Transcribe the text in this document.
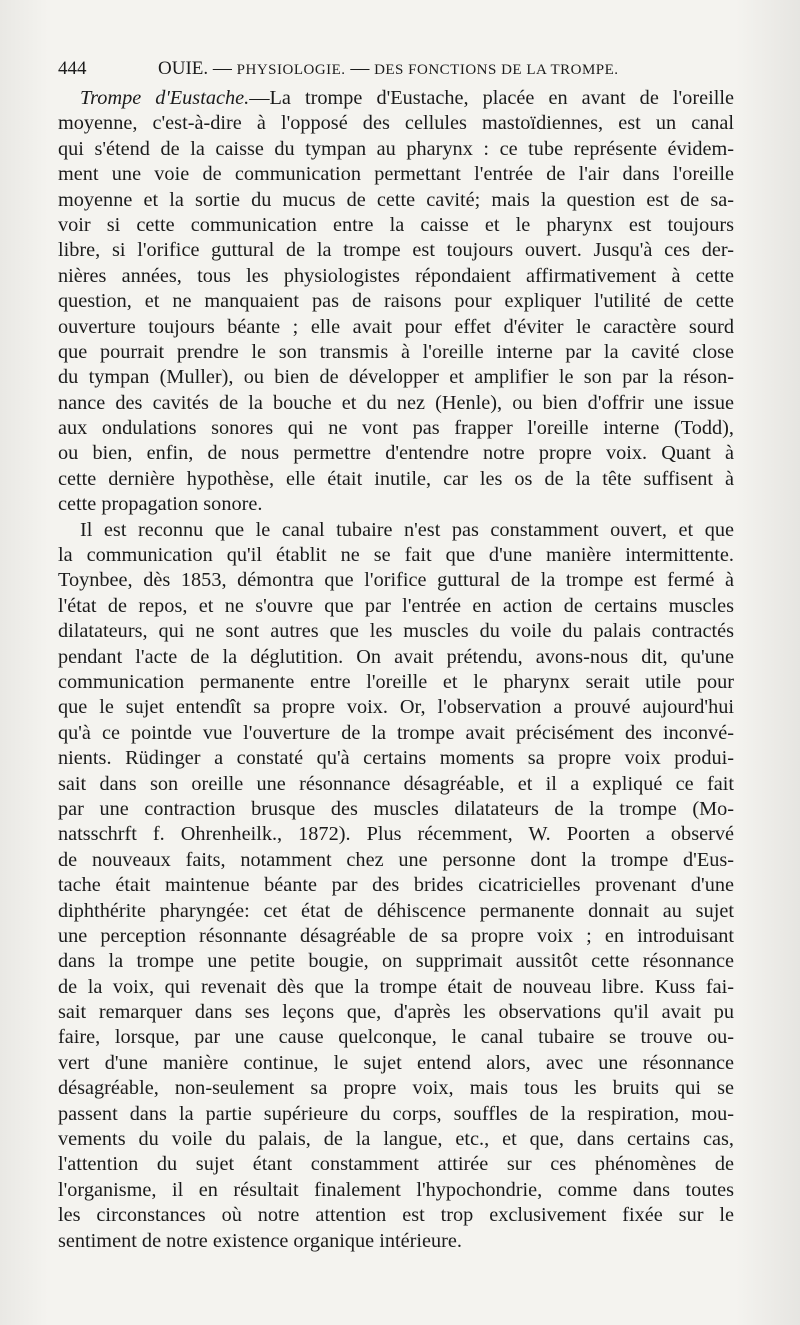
444	OUIE. — PHYSIOLOGIE. — DES FONCTIONS DE LA TROMPE.
Trompe d'Eustache.—La trompe d'Eustache, placée en avant de l'oreille
moyenne, c'est-à-dire à l'opposé des cellules mastoïdiennes, est un canal
qui s'étend de la caisse du tympan au pharynx : ce tube représente évidem-
ment une voie de communication permettant l'entrée de l'air dans l'oreille
moyenne et la sortie du mucus de cette cavité; mais la question est de sa-
voir si cette communication entre la caisse et le pharynx est toujours
libre, si l'orifice guttural de la trompe est toujours ouvert. Jusqu'à ces der-
nières années, tous les physiologistes répondaient affirmativement à cette
question, et ne manquaient pas de raisons pour expliquer l'utilité de cette
ouverture toujours béante ; elle avait pour effet d'éviter le caractère sourd
que pourrait prendre le son transmis à l'oreille interne par la cavité close
du tympan (Muller), ou bien de développer et amplifier le son par la réson-
nance des cavités de la bouche et du nez (Henle), ou bien d'offrir une issue
aux ondulations sonores qui ne vont pas frapper l'oreille interne (Todd),
ou bien, enfin, de nous permettre d'entendre notre propre voix. Quant à
cette dernière hypothèse, elle était inutile, car les os de la tête suffisent à
cette propagation sonore.
Il est reconnu que le canal tubaire n'est pas constamment ouvert, et que
la communication qu'il établit ne se fait que d'une manière intermittente.
Toynbee, dès 1853, démontra que l'orifice guttural de la trompe est fermé à
l'état de repos, et ne s'ouvre que par l'entrée en action de certains muscles
dilatateurs, qui ne sont autres que les muscles du voile du palais contractés
pendant l'acte de la déglutition. On avait prétendu, avons-nous dit, qu'une
communication permanente entre l'oreille et le pharynx serait utile pour
que le sujet entendît sa propre voix. Or, l'observation a prouvé aujourd'hui
qu'à ce pointde vue l'ouverture de la trompe avait précisément des inconvé-
nients. Rüdinger a constaté qu'à certains moments sa propre voix produi-
sait dans son oreille une résonnance désagréable, et il a expliqué ce fait
par une contraction brusque des muscles dilatateurs de la trompe (Mo-
natsschrft f. Ohrenheilk., 1872). Plus récemment, W. Poorten a observé
de nouveaux faits, notamment chez une personne dont la trompe d'Eus-
tache était maintenue béante par des brides cicatricielles provenant d'une
diphthérite pharyngée: cet état de déhiscence permanente donnait au sujet
une perception résonnante désagréable de sa propre voix ; en introduisant
dans la trompe une petite bougie, on supprimait aussitôt cette résonnance
de la voix, qui revenait dès que la trompe était de nouveau libre. Kuss fai-
sait remarquer dans ses leçons que, d'après les observations qu'il avait pu
faire, lorsque, par une cause quelconque, le canal tubaire se trouve ou-
vert d'une manière continue, le sujet entend alors, avec une résonnance
désagréable, non-seulement sa propre voix, mais tous les bruits qui se
passent dans la partie supérieure du corps, souffles de la respiration, mou-
vements du voile du palais, de la langue, etc., et que, dans certains cas,
l'attention du sujet étant constamment attirée sur ces phénomènes de
l'organisme, il en résultait finalement l'hypochondrie, comme dans toutes
les circonstances où notre attention est trop exclusivement fixée sur le
sentiment de notre existence organique intérieure.
